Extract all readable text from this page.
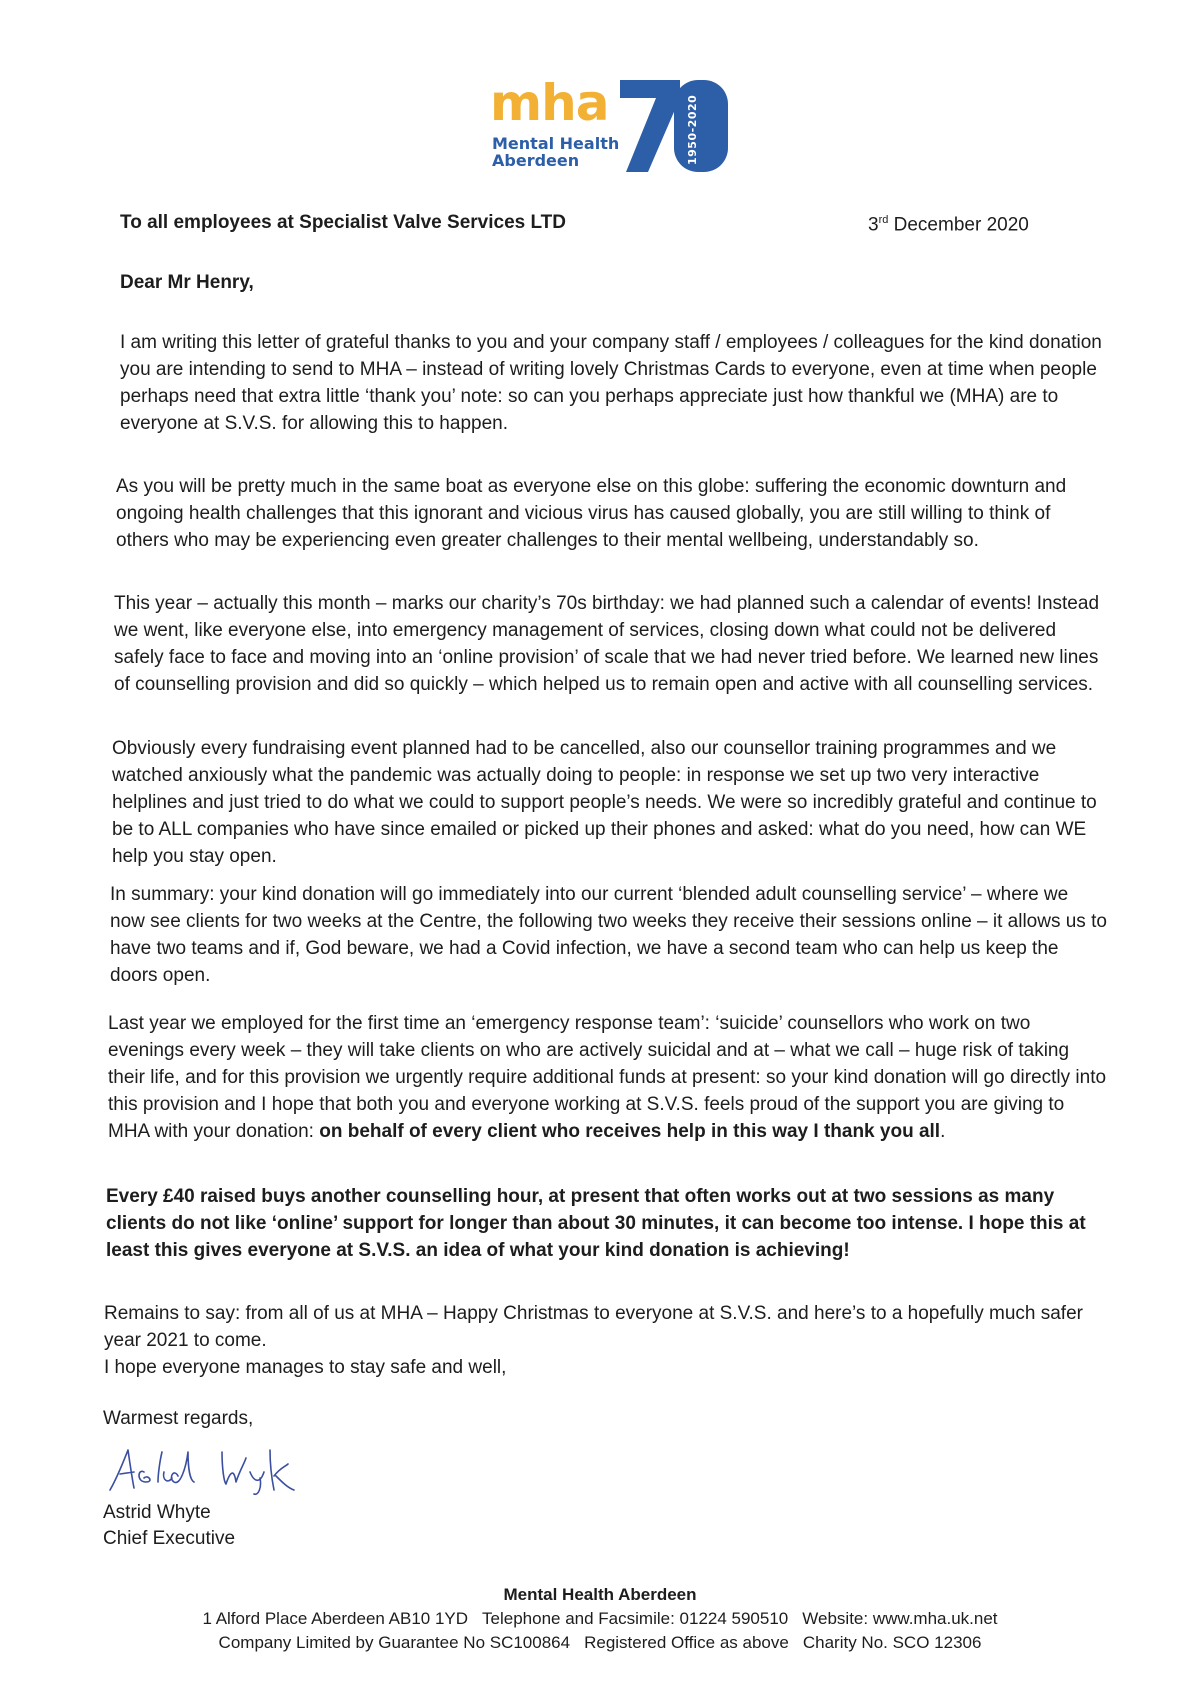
mha
Mental Health
Aberdeen	1950-2020
To all employees at Specialist Valve Services LTD	3rd December 2020
Dear Mr Henry,

I am writing this letter of grateful thanks to you and your company staff / employees / colleagues for the kind donation you are intending to send to MHA – instead of writing lovely Christmas Cards to everyone, even at time when people perhaps need that extra little ‘thank you’ note: so can you perhaps appreciate just how thankful we (MHA) are to everyone at S.V.S. for allowing this to happen.

As you will be pretty much in the same boat as everyone else on this globe: suffering the economic downturn and ongoing health challenges that this ignorant and vicious virus has caused globally, you are still willing to think of others who may be experiencing even greater challenges to their mental wellbeing, understandably so.

This year – actually this month – marks our charity’s 70s birthday: we had planned such a calendar of events! Instead we went, like everyone else, into emergency management of services, closing down what could not be delivered safely face to face and moving into an ‘online provision’ of scale that we had never tried before. We learned new lines of counselling provision and did so quickly – which helped us to remain open and active with all counselling services.

Obviously every fundraising event planned had to be cancelled, also our counsellor training programmes and we watched anxiously what the pandemic was actually doing to people: in response we set up two very interactive helplines and just tried to do what we could to support people’s needs. We were so incredibly grateful and continue to be to ALL companies who have since emailed or picked up their phones and asked: what do you need, how can WE help you stay open.

In summary: your kind donation will go immediately into our current ‘blended adult counselling service’ – where we now see clients for two weeks at the Centre, the following two weeks they receive their sessions online – it allows us to have two teams and if, God beware, we had a Covid infection, we have a second team who can help us keep the doors open.

Last year we employed for the first time an ‘emergency response team’: ‘suicide’ counsellors who work on two evenings every week – they will take clients on who are actively suicidal and at – what we call – huge risk of taking their life, and for this provision we urgently require additional funds at present: so your kind donation will go directly into this provision and I hope that both you and everyone working at S.V.S. feels proud of the support you are giving to MHA with your donation: on behalf of every client who receives help in this way I thank you all.

Every £40 raised buys another counselling hour, at present that often works out at two sessions as many clients do not like ‘online’ support for longer than about 30 minutes, it can become too intense. I hope this at least this gives everyone at S.V.S. an idea of what your kind donation is achieving!

Remains to say: from all of us at MHA – Happy Christmas to everyone at S.V.S. and here’s to a hopefully much safer year 2021 to come.

I hope everyone manages to stay safe and well,

Warmest regards,
Astrid Whyte
Chief Executive
Mental Health Aberdeen
1 Alford Place Aberdeen AB10 1YD Telephone and Facsimile: 01224 590510 Website: www.mha.uk.net
Company Limited by Guarantee No SC100864 Registered Office as above Charity No. SCO 12306
